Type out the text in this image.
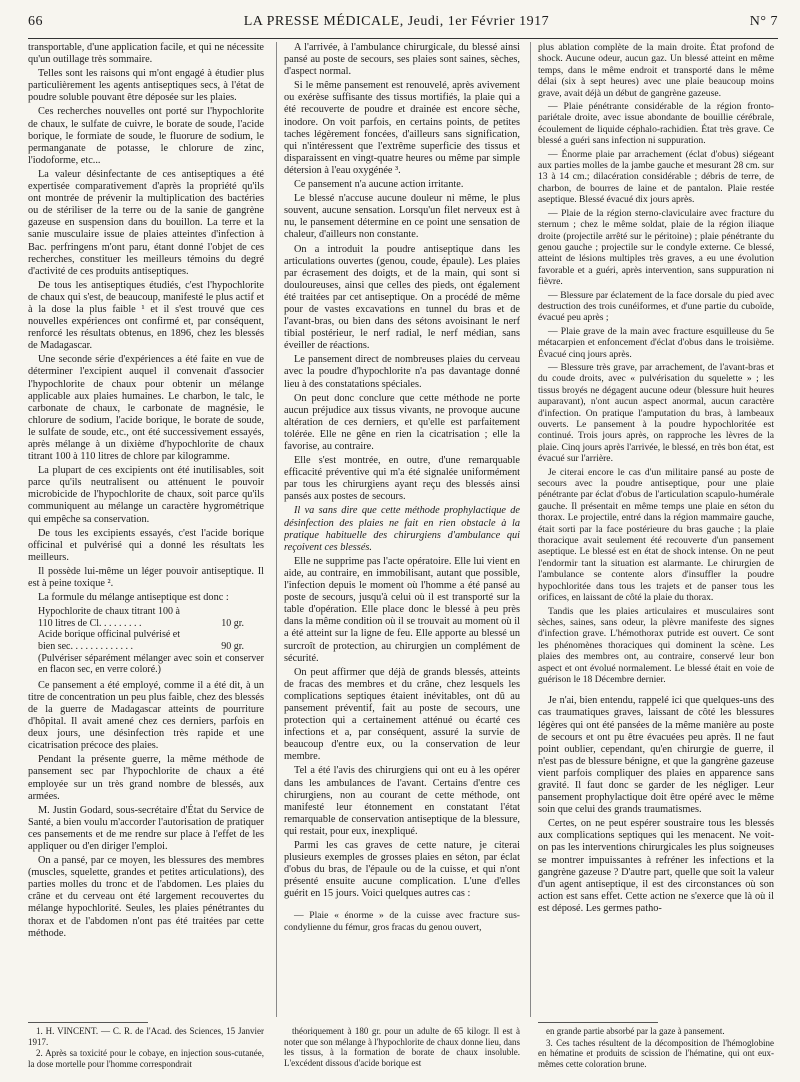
66	LA PRESSE MÉDICALE, Jeudi, 1er Février 1917	N° 7

transportable, d'une application facile, et qui ne nécessite qu'un outillage très sommaire.

Telles sont les raisons qui m'ont engagé à étudier plus particulièrement les agents antiseptiques secs, à l'état de poudre soluble pouvant être déposée sur les plaies.

Ces recherches nouvelles ont porté sur l'hypochlorite de chaux, le sulfate de cuivre, le borate de soude, l'acide borique, le formiate de soude, le fluorure de sodium, le permanganate de potasse, le chlorure de zinc, l'iodoforme, etc...

La valeur désinfectante de ces antiseptiques a été expertisée comparativement d'après la propriété qu'ils ont montrée de prévenir la multiplication des bactéries ou de stériliser de la terre ou de la sanie de gangrène gazeuse en suspension dans du bouillon. La terre et la sanie musculaire issue de plaies atteintes d'infection à Bac. perfringens m'ont paru, étant donné l'objet de ces recherches, constituer les meilleurs témoins du degré d'activité de ces produits antiseptiques.

De tous les antiseptiques étudiés, c'est l'hypochlorite de chaux qui s'est, de beaucoup, manifesté le plus actif et à la dose la plus faible ¹ et il s'est trouvé que ces nouvelles expériences ont confirmé et, par conséquent, renforcé les résultats obtenus, en 1896, chez les blessés de Madagascar.

Une seconde série d'expériences a été faite en vue de déterminer l'excipient auquel il convenait d'associer l'hypochlorite de chaux pour obtenir un mélange applicable aux plaies humaines. Le charbon, le talc, le carbonate de chaux, le carbonate de magnésie, le chlorure de sodium, l'acide borique, le borate de soude, le sulfate de soude, etc., ont été successivement essayés, après mélange à un dixième d'hypochlorite de chaux titrant 100 à 110 litres de chlore par kilogramme.

La plupart de ces excipients ont été inutilisables, soit parce qu'ils neutralisent ou atténuent le pouvoir microbicide de l'hypochlorite de chaux, soit parce qu'ils communiquent au mélange un caractère hygrométrique qui empêche sa conservation.

De tous les excipients essayés, c'est l'acide borique officinal et pulvérisé qui a donné les résultats les meilleurs.

Il possède lui-même un léger pouvoir antiseptique. Il est à peine toxique ².

La formule du mélange antiseptique est donc :

Hypochlorite de chaux titrant 100 à
110 litres de Cl. . . . . . . . .	10 gr.
Acide borique officinal pulvérisé et
bien sec. . . . . . . . . . . . .	90 gr.
(Pulvériser séparément mélanger avec soin et conserver en flacon sec, en verre coloré.)

Ce pansement a été employé, comme il a été dit, à un titre de concentration un peu plus faible, chez des blessés de la guerre de Madagascar atteints de pourriture d'hôpital. Il avait amené chez ces derniers, parfois en deux jours, une désinfection très rapide et une cicatrisation précoce des plaies.

Pendant la présente guerre, la même méthode de pansement sec par l'hypochlorite de chaux a été employée sur un très grand nombre de blessés, aux armées.

M. Justin Godard, sous-secrétaire d'État du Service de Santé, a bien voulu m'accorder l'autorisation de pratiquer ces pansements et de me rendre sur place à l'effet de les appliquer ou d'en diriger l'emploi.

On a pansé, par ce moyen, les blessures des membres (muscles, squelette, grandes et petites articulations), des parties molles du tronc et de l'abdomen. Les plaies du crâne et du cerveau ont été largement recouvertes du mélange hypochlorité. Seules, les plaies pénétrantes du thorax et de l'abdomen n'ont pas été traitées par cette méthode.

A l'arrivée, à l'ambulance chirurgicale, du blessé ainsi pansé au poste de secours, ses plaies sont saines, sèches, d'aspect normal.

Si le même pansement est renouvelé, après avivement ou exérèse suffisante des tissus mortifiés, la plaie qui a été recouverte de poudre et drainée est encore sèche, inodore. On voit parfois, en certains points, de petites taches légèrement foncées, d'ailleurs sans signification, qui n'intéressent que l'extrême superficie des tissus et disparaissent en vingt-quatre heures ou même par simple détersion à l'eau oxygénée ³.

Ce pansement n'a aucune action irritante.

Le blessé n'accuse aucune douleur ni même, le plus souvent, aucune sensation. Lorsqu'un filet nerveux est à nu, le pansement détermine en ce point une sensation de chaleur, d'ailleurs non constante.

On a introduit la poudre antiseptique dans les articulations ouvertes (genou, coude, épaule). Les plaies par écrasement des doigts, et de la main, qui sont si douloureuses, ainsi que celles des pieds, ont également été traitées par cet antiseptique. On a procédé de même pour de vastes excavations en tunnel du bras et de l'avant-bras, ou bien dans des sétons avoisinant le nerf tibial postérieur, le nerf radial, le nerf médian, sans éveiller de réactions.

Le pansement direct de nombreuses plaies du cerveau avec la poudre d'hypochlorite n'a pas davantage donné lieu à des constatations spéciales.

On peut donc conclure que cette méthode ne porte aucun préjudice aux tissus vivants, ne provoque aucune altération de ces derniers, et qu'elle est parfaitement tolérée. Elle ne gêne en rien la cicatrisation ; elle la favorise, au contraire.

Elle s'est montrée, en outre, d'une remarquable efficacité préventive qui m'a été signalée uniformément par tous les chirurgiens ayant reçu des blessés ainsi pansés aux postes de secours.

Il va sans dire que cette méthode prophylactique de désinfection des plaies ne fait en rien obstacle à la pratique habituelle des chirurgiens d'ambulance qui reçoivent ces blessés.

Elle ne supprime pas l'acte opératoire. Elle lui vient en aide, au contraire, en immobilisant, autant que possible, l'infection depuis le moment où l'homme a été pansé au poste de secours, jusqu'à celui où il est transporté sur la table d'opération. Elle place donc le blessé à peu près dans la même condition où il se trouvait au moment où il a été atteint sur la ligne de feu. Elle apporte au blessé un surcroît de protection, au chirurgien un complément de sécurité.

On peut affirmer que déjà de grands blessés, atteints de fracas des membres et du crâne, chez lesquels les complications septiques étaient inévitables, ont dû au pansement préventif, fait au poste de secours, une protection qui a certainement atténué ou écarté ces infections et a, par conséquent, assuré la survie de beaucoup d'entre eux, ou la conservation de leur membre.

Tel a été l'avis des chirurgiens qui ont eu à les opérer dans les ambulances de l'avant. Certains d'entre ces chirurgiens, non au courant de cette méthode, ont manifesté leur étonnement en constatant l'état remarquable de conservation antiseptique de la blessure, qui restait, pour eux, inexpliqué.

Parmi les cas graves de cette nature, je citerai plusieurs exemples de grosses plaies en séton, par éclat d'obus du bras, de l'épaule ou de la cuisse, et qui n'ont présenté ensuite aucune complication. L'une d'elles guérit en 15 jours. Voici quelques autres cas :

— Plaie « énorme » de la cuisse avec fracture sus-condylienne du fémur, gros fracas du genou ouvert,

plus ablation complète de la main droite. État profond de shock. Aucune odeur, aucun gaz. Un blessé atteint en même temps, dans le même endroit et transporté dans le même délai (six à sept heures) avec une plaie beaucoup moins grave, avait déjà un début de gangrène gazeuse.

— Plaie pénétrante considérable de la région fronto-pariétale droite, avec issue abondante de bouillie cérébrale, écoulement de liquide céphalo-rachidien. État très grave. Ce blessé a guéri sans infection ni suppuration.

— Énorme plaie par arrachement (éclat d'obus) siégeant aux parties molles de la jambe gauche et mesurant 28 cm. sur 13 à 14 cm.; dilacération considérable ; débris de terre, de charbon, de bourres de laine et de pantalon. Plaie restée aseptique. Blessé évacué dix jours après.

— Plaie de la région sterno-claviculaire avec fracture du sternum ; chez le même soldat, plaie de la région iliaque droite (projectile arrêté sur le péritoine) ; plaie pénétrante du genou gauche ; projectile sur le condyle externe. Ce blessé, atteint de lésions multiples très graves, a eu une évolution favorable et a guéri, après intervention, sans suppuration ni fièvre.

— Blessure par éclatement de la face dorsale du pied avec destruction des trois cunéiformes, et d'une partie du cuboïde, évacué peu après ;

— Plaie grave de la main avec fracture esquilleuse du 5e métacarpien et enfoncement d'éclat d'obus dans le troisième. Évacué cinq jours après.

— Blessure très grave, par arrachement, de l'avant-bras et du coude droits, avec « pulvérisation du squelette » ; les tissus broyés ne dégagent aucune odeur (blessure huit heures auparavant), n'ont aucun aspect anormal, aucun caractère d'infection. On pratique l'amputation du bras, à lambeaux ouverts. Le pansement à la poudre hypochloritée est continué. Trois jours après, on rapproche les lèvres de la plaie. Cinq jours après l'arrivée, le blessé, en très bon état, est évacué sur l'arrière.

Je citerai encore le cas d'un militaire pansé au poste de secours avec la poudre antiseptique, pour une plaie pénétrante par éclat d'obus de l'articulation scapulo-humérale gauche. Il présentait en même temps une plaie en séton du thorax. Le projectile, entré dans la région mammaire gauche, était sorti par la face postérieure du bras gauche ; la plaie thoracique avait seulement été recouverte d'un pansement aseptique. Le blessé est en état de shock intense. On ne peut l'endormir tant la situation est alarmante. Le chirurgien de l'ambulance se contente alors d'insuffler la poudre hypochloritée dans tous les trajets et de panser tous les orifices, en laissant de côté la plaie du thorax.

Tandis que les plaies articulaires et musculaires sont sèches, saines, sans odeur, la plèvre manifeste des signes d'infection grave. L'hémothorax putride est ouvert. Ce sont les phénomènes thoraciques qui dominent la scène. Les plaies des membres ont, au contraire, conservé leur bon aspect et ont évolué normalement. Le blessé était en voie de guérison le 18 Décembre dernier.

Je n'ai, bien entendu, rappelé ici que quelques-uns des cas traumatiques graves, laissant de côté les blessures légères qui ont été pansées de la même manière au poste de secours et ont pu être évacuées peu après. Il ne faut point oublier, cependant, qu'en chirurgie de guerre, il n'est pas de blessure bénigne, et que la gangrène gazeuse vient parfois compliquer des plaies en apparence sans gravité. Il faut donc se garder de les négliger. Leur pansement prophylactique doit être opéré avec le même soin que celui des grands traumatismes.

Certes, on ne peut espérer soustraire tous les blessés aux complications septiques qui les menacent. Ne voit-on pas les interventions chirurgicales les plus soigneuses se montrer impuissantes à refréner les infections et la gangrène gazeuse ? D'autre part, quelle que soit la valeur d'un agent antiseptique, il est des circonstances où son action est sans effet. Cette action ne s'exerce que là où il est déposé. Les germes patho-

1. H. VINCENT. — C. R. de l'Acad. des Sciences, 15 Janvier 1917.

2. Après sa toxicité pour le cobaye, en injection sous-cutanée, la dose mortelle pour l'homme correspondrait

théoriquement à 180 gr. pour un adulte de 65 kilogr. Il est à noter que son mélange à l'hypochlorite de chaux donne lieu, dans les tissus, à la formation de borate de chaux insoluble. L'excédent dissous d'acide borique est

en grande partie absorbé par la gaze à pansement.

3. Ces taches résultent de la décomposition de l'hémoglobine en hématine et produits de scission de l'hématine, qui ont eux-mêmes cette coloration brune.
